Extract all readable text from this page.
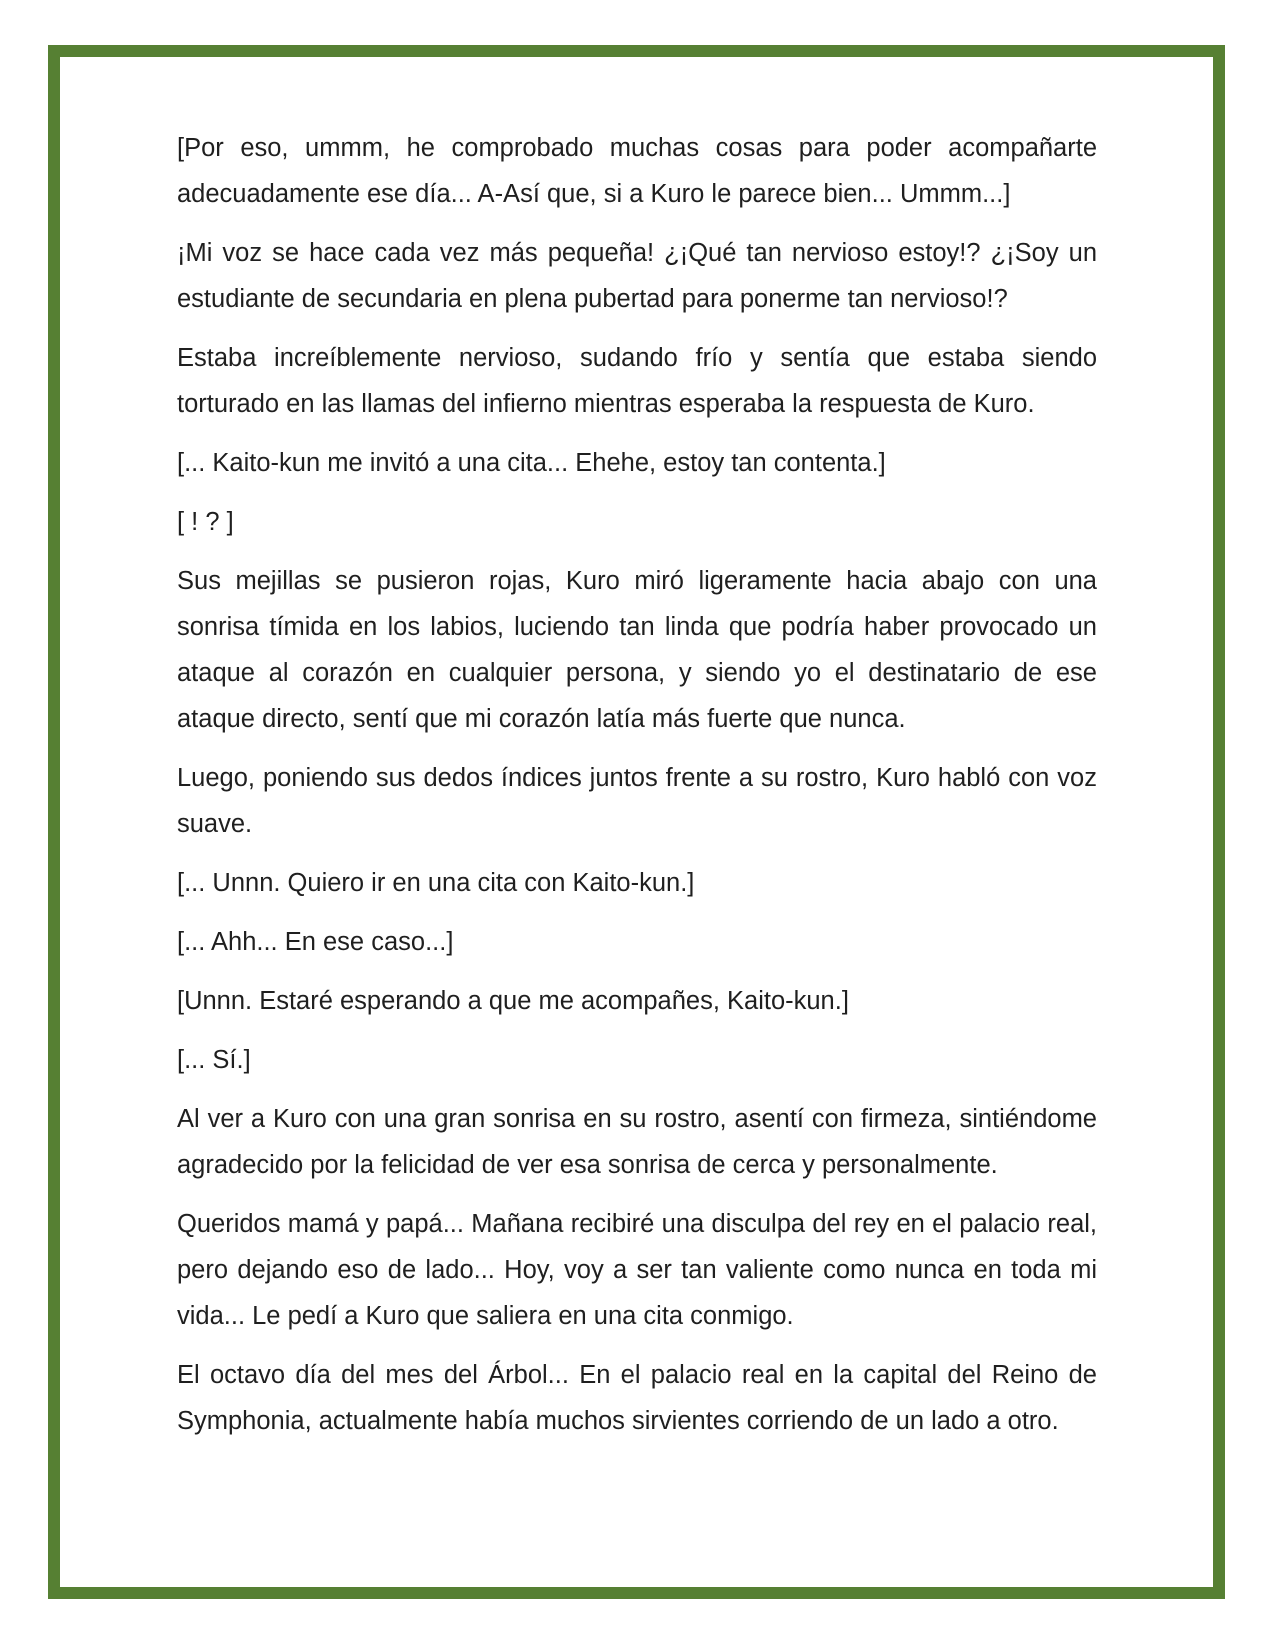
[Por eso, ummm, he comprobado muchas cosas para poder acompañarte adecuadamente ese día... A-Así que, si a Kuro le parece bien... Ummm...]

¡Mi voz se hace cada vez más pequeña! ¿¡Qué tan nervioso estoy!? ¿¡Soy un estudiante de secundaria en plena pubertad para ponerme tan nervioso!?

Estaba increíblemente nervioso, sudando frío y sentía que estaba siendo torturado en las llamas del infierno mientras esperaba la respuesta de Kuro.

[... Kaito-kun me invitó a una cita... Ehehe, estoy tan contenta.]

[ ! ? ]

Sus mejillas se pusieron rojas, Kuro miró ligeramente hacia abajo con una sonrisa tímida en los labios, luciendo tan linda que podría haber provocado un ataque al corazón en cualquier persona, y siendo yo el destinatario de ese ataque directo, sentí que mi corazón latía más fuerte que nunca.

Luego, poniendo sus dedos índices juntos frente a su rostro, Kuro habló con voz suave.

[... Unnn. Quiero ir en una cita con Kaito-kun.]

[... Ahh... En ese caso...]

[Unnn. Estaré esperando a que me acompañes, Kaito-kun.]

[... Sí.]

Al ver a Kuro con una gran sonrisa en su rostro, asentí con firmeza, sintiéndome agradecido por la felicidad de ver esa sonrisa de cerca y personalmente.

Queridos mamá y papá... Mañana recibiré una disculpa del rey en el palacio real, pero dejando eso de lado... Hoy, voy a ser tan valiente como nunca en toda mi vida... Le pedí a Kuro que saliera en una cita conmigo.

El octavo día del mes del Árbol... En el palacio real en la capital del Reino de Symphonia, actualmente había muchos sirvientes corriendo de un lado a otro.
